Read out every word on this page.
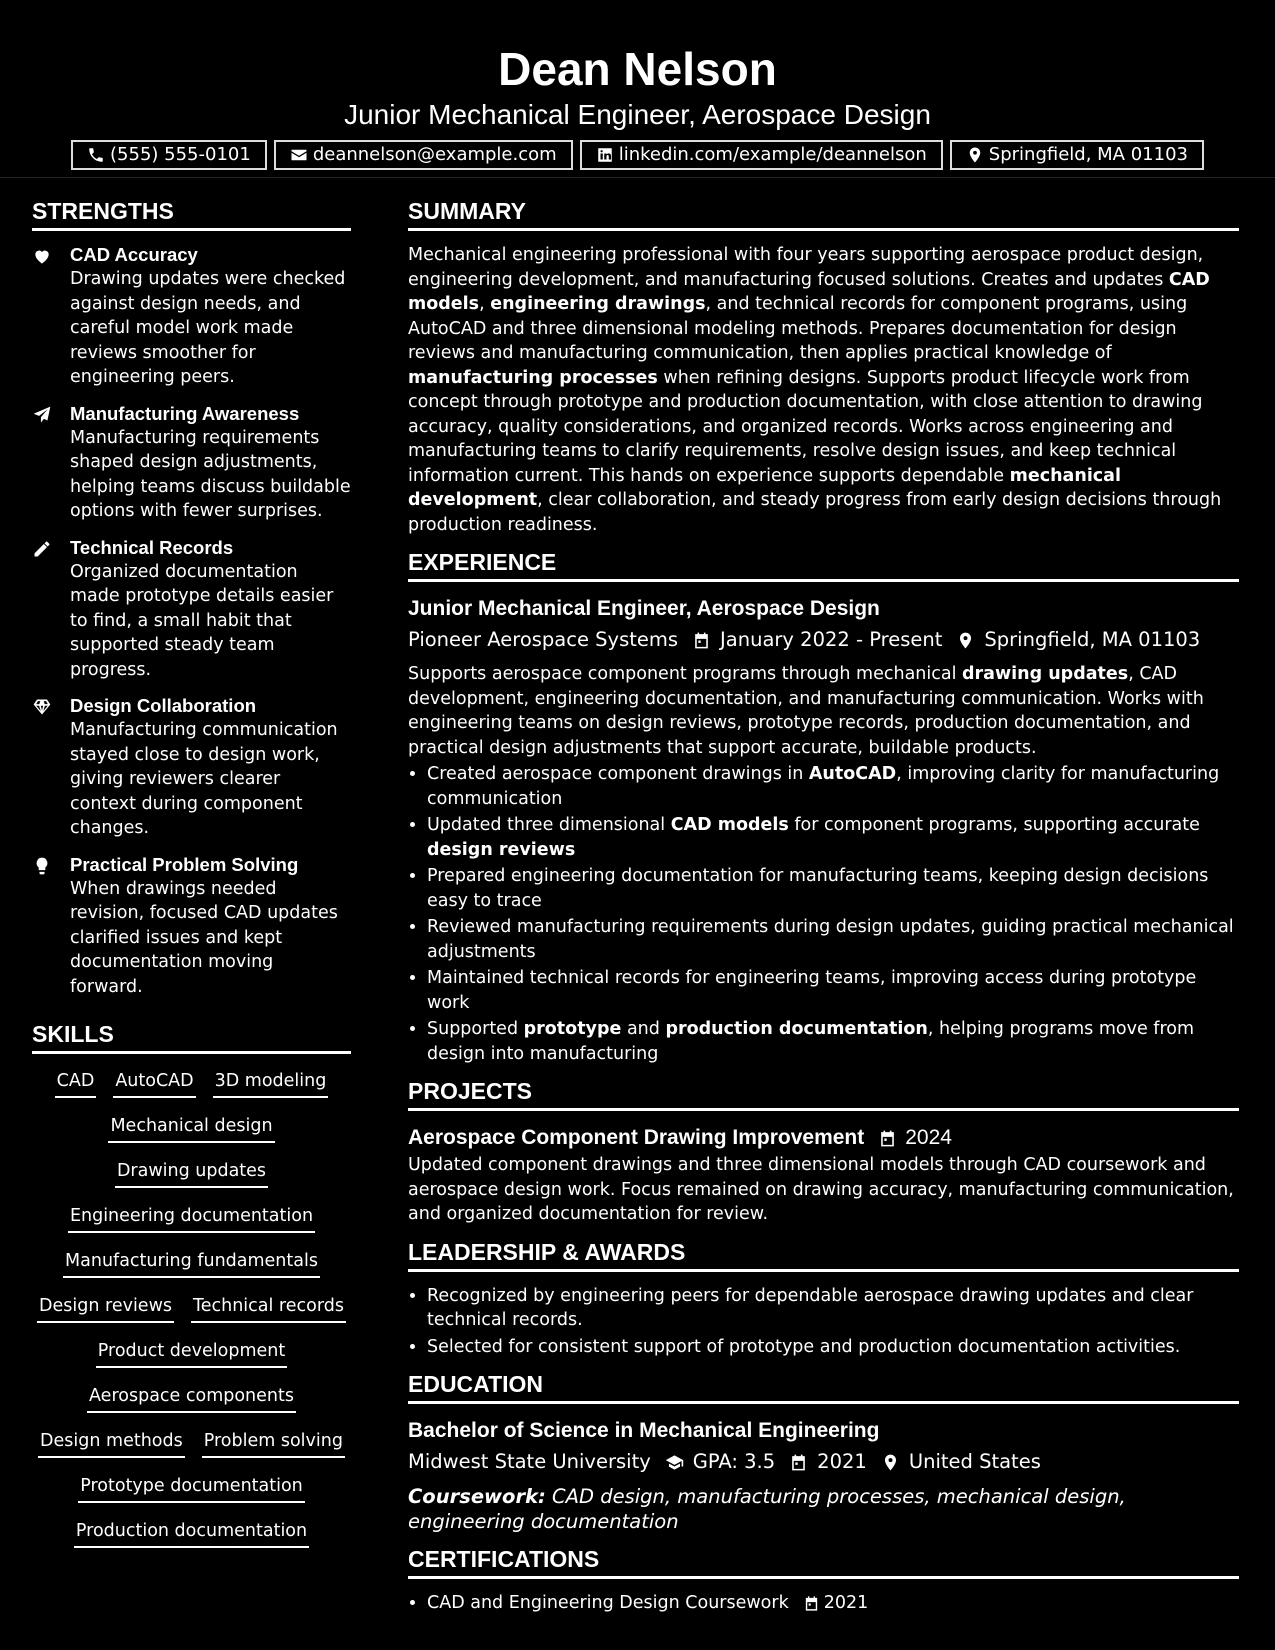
Dean Nelson
Junior Mechanical Engineer, Aerospace Design
(555) 555-0101	deannelson@example.com	linkedin.com/example/deannelson	Springfield, MA 01103
STRENGTHS
CAD Accuracy
Drawing updates were checked against design needs, and careful model work made reviews smoother for engineering peers.
Manufacturing Awareness
Manufacturing requirements shaped design adjustments, helping teams discuss buildable options with fewer surprises.
Technical Records
Organized documentation made prototype details easier to find, a small habit that supported steady team progress.
Design Collaboration
Manufacturing communication stayed close to design work, giving reviewers clearer context during component changes.
Practical Problem Solving
When drawings needed revision, focused CAD updates clarified issues and kept documentation moving forward.
SKILLS
CAD AutoCAD 3D modeling
Mechanical design
Drawing updates
Engineering documentation
Manufacturing fundamentals
Design reviews Technical records
Product development
Aerospace components
Design methods Problem solving
Prototype documentation
Production documentation
SUMMARY

Mechanical engineering professional with four years supporting aerospace product design, engineering development, and manufacturing focused solutions. Creates and updates CAD models, engineering drawings, and technical records for component programs, using AutoCAD and three dimensional modeling methods. Prepares documentation for design reviews and manufacturing communication, then applies practical knowledge of manufacturing processes when refining designs. Supports product lifecycle work from concept through prototype and production documentation, with close attention to drawing accuracy, quality considerations, and organized records. Works across engineering and manufacturing teams to clarify requirements, resolve design issues, and keep technical information current. This hands on experience supports dependable mechanical development, clear collaboration, and steady progress from early design decisions through production readiness.

EXPERIENCE
Junior Mechanical Engineer, Aerospace Design
Pioneer Aerospace Systems January 2022 - Present Springfield, MA 01103

Supports aerospace component programs through mechanical drawing updates, CAD development, engineering documentation, and manufacturing communication. Works with engineering teams on design reviews, prototype records, production documentation, and practical design adjustments that support accurate, buildable products.

• Created aerospace component drawings in AutoCAD, improving clarity for manufacturing communication
• Updated three dimensional CAD models for component programs, supporting accurate design reviews
• Prepared engineering documentation for manufacturing teams, keeping design decisions easy to trace
• Reviewed manufacturing requirements during design updates, guiding practical mechanical adjustments
• Maintained technical records for engineering teams, improving access during prototype work
• Supported prototype and production documentation, helping programs move from design into manufacturing
PROJECTS
Aerospace Component Drawing Improvement 2024

Updated component drawings and three dimensional models through CAD coursework and aerospace design work. Focus remained on drawing accuracy, manufacturing communication, and organized documentation for review.

LEADERSHIP & AWARDS
• Recognized by engineering peers for dependable aerospace drawing updates and clear technical records.
• Selected for consistent support of prototype and production documentation activities.
EDUCATION
Bachelor of Science in Mechanical Engineering
Midwest State University GPA: 3.5 2021 United States

Coursework: CAD design, manufacturing processes, mechanical design, engineering documentation

CERTIFICATIONS
• CAD and Engineering Design Coursework 2021
